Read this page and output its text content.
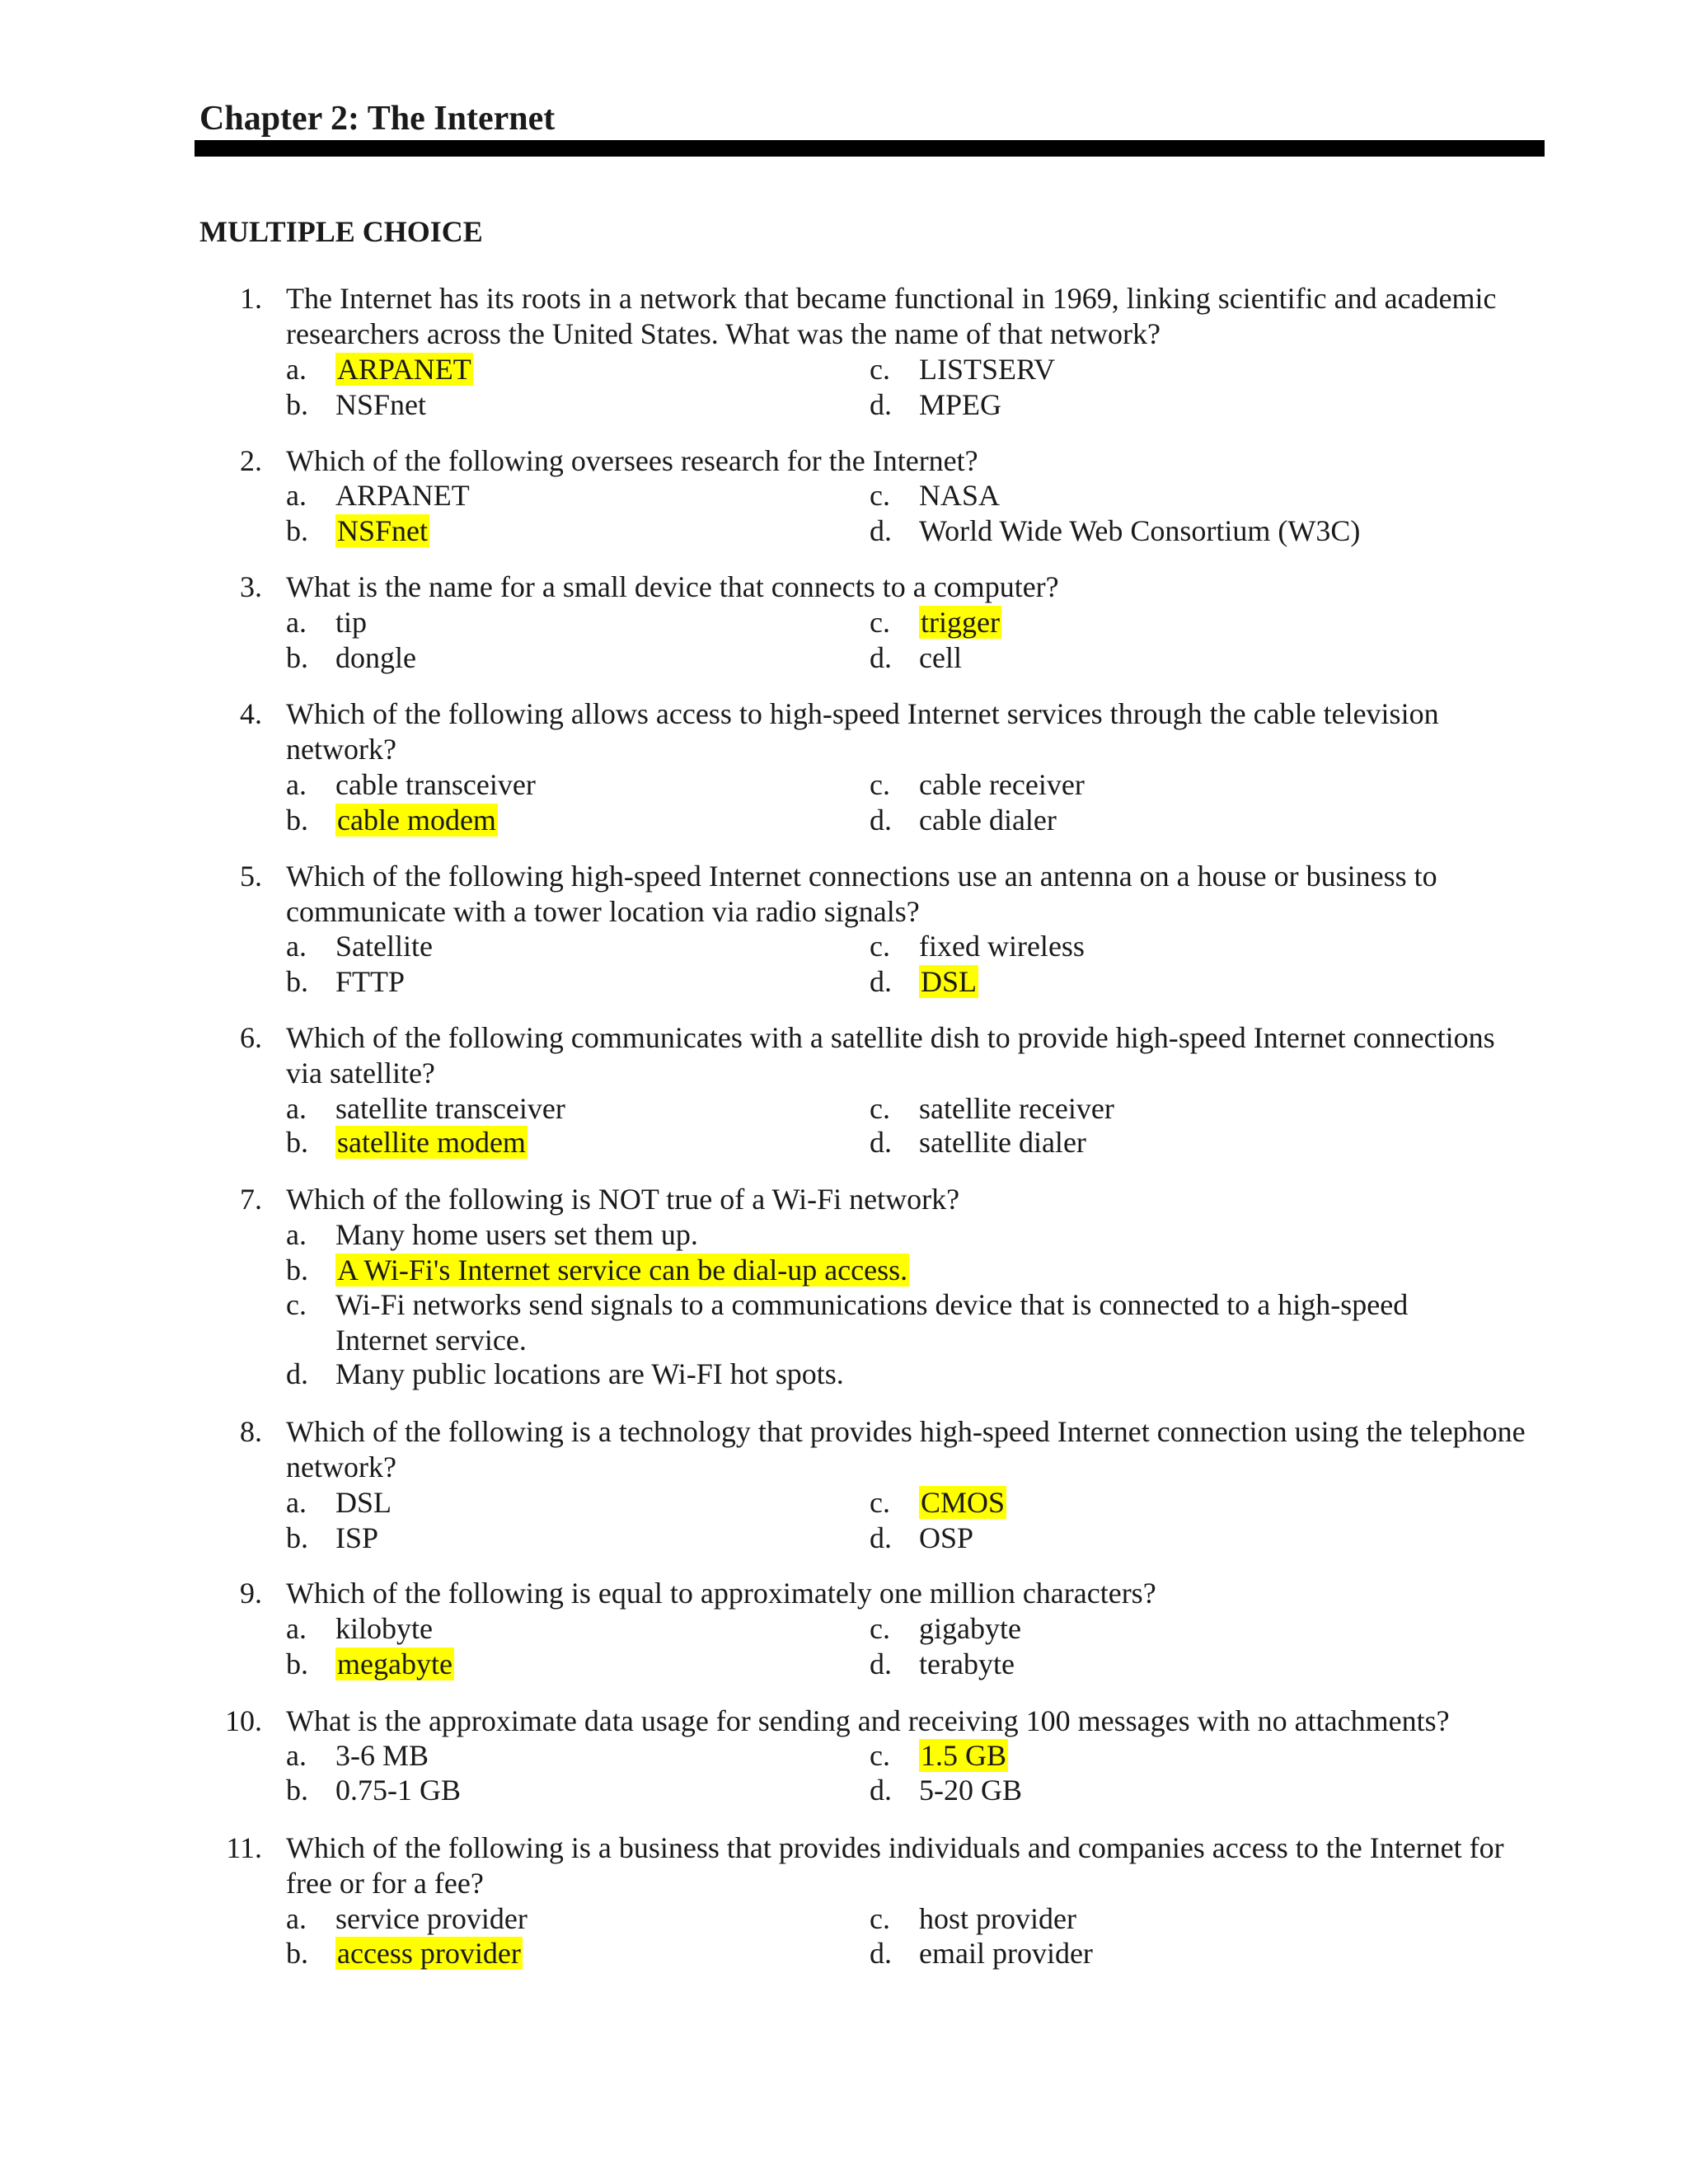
Chapter 2: The Internet
MULTIPLE CHOICE
1. The Internet has its roots in a network that became functional in 1969, linking scientific and academic
researchers across the United States. What was the name of that network?
a. ARPANET
b. NSFnet
c. LISTSERV
d. MPEG
2. Which of the following oversees research for the Internet?
a. ARPANET
b. NSFnet
c. NASA
d. World Wide Web Consortium (W3C)
3. What is the name for a small device that connects to a computer?
a. tip
b. dongle
c. trigger
d. cell
4. Which of the following allows access to high-speed Internet services through the cable television
network?
a. cable transceiver
b. cable modem
c. cable receiver
d. cable dialer
5. Which of the following high-speed Internet connections use an antenna on a house or business to
communicate with a tower location via radio signals?
a. Satellite
b. FTTP
c. fixed wireless
d. DSL
6. Which of the following communicates with a satellite dish to provide high-speed Internet connections
via satellite?
a. satellite transceiver
b. satellite modem
c. satellite receiver
d. satellite dialer
7. Which of the following is NOT true of a Wi-Fi network?
a. Many home users set them up.
b. A Wi-Fi's Internet service can be dial-up access.
c. Wi-Fi networks send signals to a communications device that is connected to a high-speed
Internet service.
d. Many public locations are Wi-FI hot spots.
8. Which of the following is a technology that provides high-speed Internet connection using the telephone
network?
a. DSL
b. ISP
c. CMOS
d. OSP
9. Which of the following is equal to approximately one million characters?
a. kilobyte
b. megabyte
c. gigabyte
d. terabyte
10. What is the approximate data usage for sending and receiving 100 messages with no attachments?
a. 3-6 MB
b. 0.75-1 GB
c. 1.5 GB
d. 5-20 GB
11. Which of the following is a business that provides individuals and companies access to the Internet for
free or for a fee?
a. service provider
b. access provider
c. host provider
d. email provider
